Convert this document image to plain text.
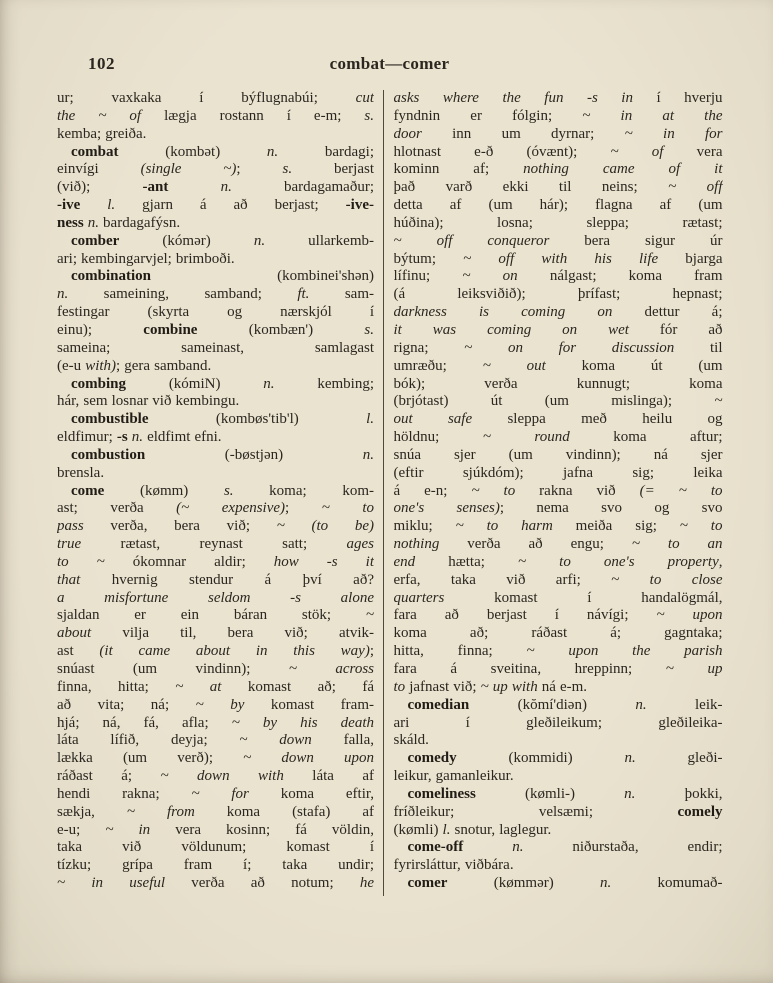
102	combat—comer
ur; vaxkaka í býflugnabúi; cut
the ~ of lægja rostann í e-m; s.
kemba; greiða.
combat (kombət) n. bardagi;
einvígi (single ~); s. berjast
(við); -ant	n. bardagamaður;
-ive l. gjarn á að berjast; -ive-
ness n. bardagafýsn.
comber (kómər) n. ullarkemb-
ari; kembingarvjel; brimboði.
combination (kombinei'shən)
n. sameining, samband; ft. sam-
festingar (skyrta og nærskjól í
einu); combine (kombæn') s.
sameina; sameinast, samlagast
(e-u with); gera samband.
combing (kómiN) n. kembing;
hár, sem losnar við kembingu.
combustible (kombøs'tib'l) l.
eldfimur; -s n. eldfimt efni.
combustion (-bøstjən) n.
brensla.
come (kømm) s. koma; kom-
ast; verða (~ expensive); ~ to
pass verða, bera við; ~ (to be)
true rætast, reynast satt; ages
to ~ ókomnar aldir; how -s it
that hvernig stendur á því að?
a misfortune seldom -s alone
sjaldan er ein báran stök; ~
about vilja til, bera við; atvik-
ast (it came about in this way);
snúast (um vindinn); ~ across
finna, hitta; ~ at komast að; fá
að vita; ná; ~ by komast fram-
hjá; ná, fá, afla; ~ by his death
láta lífið, deyja; ~ down falla,
lækka (um verð); ~ down upon
ráðast á; ~ down with láta af
hendi rakna; ~ for koma eftir,
sækja, ~ from koma (stafa) af
e-u; ~ in vera kosinn; fá völdin,
taka við völdunum; komast í
tízku; grípa fram í; taka undir;
~ in useful verða að notum; he
asks where the fun -s in í hverju
fyndnin er fólgin; ~ in at the
door inn um dyrnar; ~ in for
hlotnast e-ð (óvænt); ~ of vera
kominn af; nothing came of it
það varð ekki til neins; ~ off
detta af (um hár); flagna af (um
húðina); losna; sleppa; rætast;
~ off conqueror bera sigur úr
býtum; ~ off with his life bjarga
lífinu; ~ on nálgast; koma fram
(á leiksviðið); þrífast; hepnast;
darkness is coming on dettur á;
it was coming on wet fór að
rigna; ~ on for discussion til
umræðu; ~ out koma út (um
bók); verða kunnugt; koma
(brjótast) út (um mislinga); ~
out safe sleppa með heilu og
höldnu; ~ round koma aftur;
snúa sjer (um vindinn); ná sjer
(eftir sjúkdóm); jafna sig; leika
á e-n; ~ to rakna við (= ~ to
one's senses); nema svo og svo
miklu; ~ to harm meiða sig; ~ to
nothing verða að engu; ~ to an
end hætta; ~ to one's property,
erfa, taka við arfi; ~ to close
quarters komast í handalögmál,
fara að berjast í návígi; ~ upon
koma að; ráðast á; gagntaka;
hitta, finna; ~ upon the parish
fara á sveitina, hreppinn; ~ up
to jafnast við; ~ up with ná e-m.
comedian (kŏmí'diən) n. leik-
ari í gleðileikum; gleðileika-
skáld.
comedy (kommidi) n. gleði-
leikur, gamanleikur.
comeliness (kømli-) n. þokki,
fríðleikur; velsæmi; comely
(kømli) l. snotur, laglegur.
come-off	n. niðurstaða, endir;
fyrirsláttur, viðbára.
comer (kømmər) n. komumað-
